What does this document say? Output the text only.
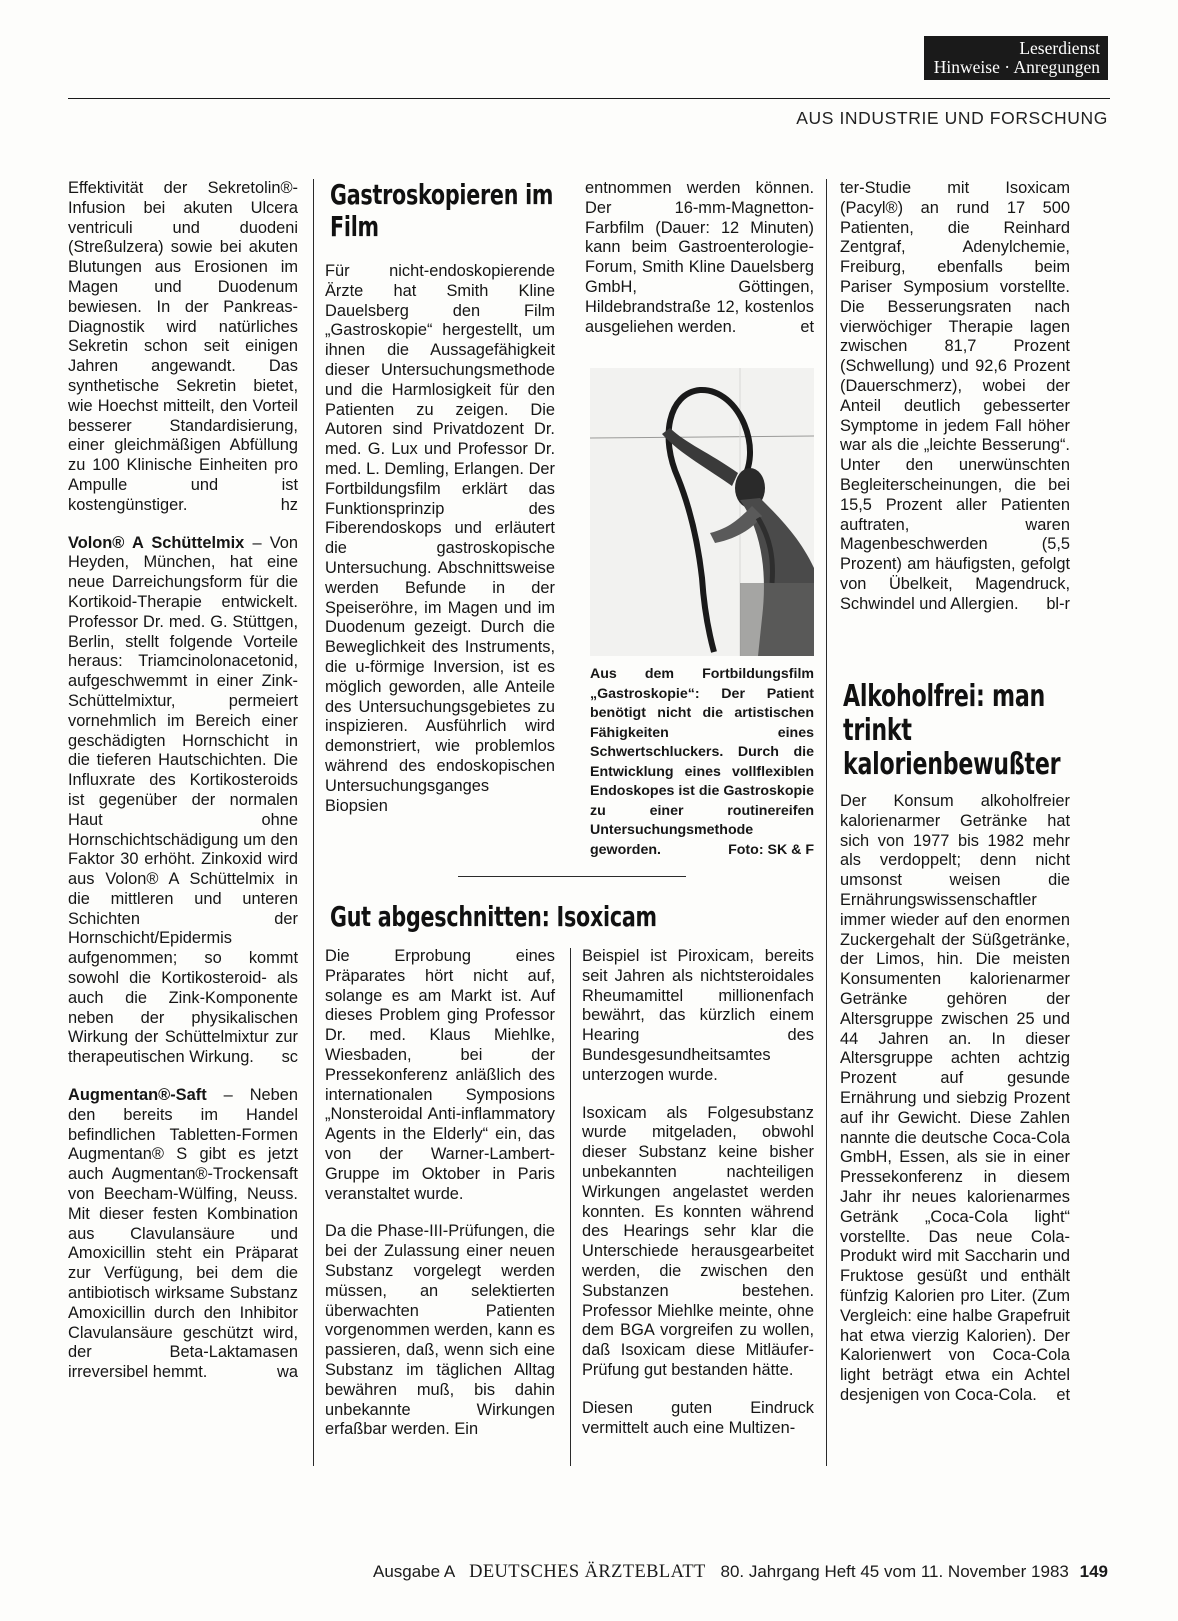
Leserdienst
Hinweise · Anregungen
AUS INDUSTRIE UND FORSCHUNG

Effektivität der Sekretolin®-Infusion bei akuten Ulcera ventriculi und duodeni (Streßulzera) sowie bei akuten Blutungen aus Erosionen im Magen und Duodenum bewiesen. In der Pankreas-Diagnostik wird natürliches Sekretin schon seit einigen Jahren angewandt. Das synthetische Sekretin bietet, wie Hoechst mitteilt, den Vorteil besserer Standardisierung, einer gleichmäßigen Abfüllung zu 100 Klinische Einheiten pro Ampulle und ist kostengünstiger.	hz

Volon® A Schüttelmix – Von Heyden, München, hat eine neue Darreichungsform für die Kortikoid-Therapie entwickelt. Professor Dr. med. G. Stüttgen, Berlin, stellt folgende Vorteile heraus: Triamcinolonacetonid, aufgeschwemmt in einer Zink-Schüttelmixtur, permeiert vornehmlich im Bereich einer geschädigten Hornschicht in die tieferen Hautschichten. Die Influxrate des Kortikosteroids ist gegenüber der normalen Haut ohne Hornschichtschädigung um den Faktor 30 erhöht. Zinkoxid wird aus Volon® A Schüttelmix in die mittleren und unteren Schichten der Hornschicht/Epidermis aufgenommen; so kommt sowohl die Kortikosteroid- als auch die Zink-Komponente neben der physikalischen Wirkung der Schüttelmixtur zur therapeutischen Wirkung. sc

Augmentan®-Saft – Neben den bereits im Handel befindlichen Tabletten-Formen Augmentan® S gibt es jetzt auch Augmentan®-Trockensaft von Beecham-Wülfing, Neuss. Mit dieser festen Kombination aus Clavulansäure und Amoxicillin steht ein Präparat zur Verfügung, bei dem die antibiotisch wirksame Substanz Amoxicillin durch den Inhibitor Clavulansäure geschützt wird, der Beta-Laktamasen irreversibel hemmt.	wa

Gastroskopieren im Film

Für nicht-endoskopierende Ärzte hat Smith Kline Dauelsberg den Film „Gastroskopie“ hergestellt, um ihnen die Aussagefähigkeit dieser Untersuchungsmethode und die Harmlosigkeit für den Patienten zu zeigen. Die Autoren sind Privatdozent Dr. med. G. Lux und Professor Dr. med. L. Demling, Erlangen. Der Fortbildungsfilm erklärt das Funktionsprinzip des Fiberendoskops und erläutert die gastroskopische Untersuchung. Abschnittsweise werden Befunde in der Speiseröhre, im Magen und im Duodenum gezeigt. Durch die Beweglichkeit des Instruments, die u-förmige Inversion, ist es möglich geworden, alle Anteile des Untersuchungsgebietes zu inspizieren. Ausführlich wird demonstriert, wie problemlos während des endoskopischen Untersuchungsganges Biopsien

entnommen werden können. Der 16-mm-Magnetton-Farbfilm (Dauer: 12 Minuten) kann beim Gastroenterologie-Forum, Smith Kline Dauelsberg GmbH, Göttingen, Hildebrandstraße 12, kostenlos ausgeliehen werden.	et

Aus dem Fortbildungsfilm „Gastroskopie“: Der Patient benötigt nicht die artistischen Fähigkeiten eines Schwertschluckers. Durch die Entwicklung eines vollflexiblen Endoskopes ist die Gastroskopie zu einer routinereifen Untersuchungsmethode geworden.	Foto: SK & F
Gut abgeschnitten: Isoxicam

Die Erprobung eines Präparates hört nicht auf, solange es am Markt ist. Auf dieses Problem ging Professor Dr. med. Klaus Miehlke, Wiesbaden, bei der Pressekonferenz anläßlich des internationalen Symposions „Nonsteroidal Anti-inflammatory Agents in the Elderly“ ein, das von der Warner-Lambert-Gruppe im Oktober in Paris veranstaltet wurde.

Da die Phase-III-Prüfungen, die bei der Zulassung einer neuen Substanz vorgelegt werden müssen, an selektierten überwachten Patienten vorgenommen werden, kann es passieren, daß, wenn sich eine Substanz im täglichen Alltag bewähren muß, bis dahin unbekannte Wirkungen erfaßbar werden. Ein

Beispiel ist Piroxicam, bereits seit Jahren als nichtsteroidales Rheumamittel millionenfach bewährt, das kürzlich einem Hearing des Bundesgesundheitsamtes unterzogen wurde.

Isoxicam als Folgesubstanz wurde mitgeladen, obwohl dieser Substanz keine bisher unbekannten nachteiligen Wirkungen angelastet werden konnten. Es konnten während des Hearings sehr klar die Unterschiede herausgearbeitet werden, die zwischen den Substanzen bestehen. Professor Miehlke meinte, ohne dem BGA vorgreifen zu wollen, daß Isoxicam diese Mitläufer-Prüfung gut bestanden hätte.

Diesen guten Eindruck vermittelt auch eine Multizen-

ter-Studie mit Isoxicam (Pacyl®) an rund 17 500 Patienten, die Reinhard Zentgraf, Adenylchemie, Freiburg, ebenfalls beim Pariser Symposium vorstellte. Die Besserungsraten nach vierwöchiger Therapie lagen zwischen 81,7 Prozent (Schwellung) und 92,6 Prozent (Dauerschmerz), wobei der Anteil deutlich gebesserter Symptome in jedem Fall höher war als die „leichte Besserung“. Unter den unerwünschten Begleiterscheinungen, die bei 15,5 Prozent aller Patienten auftraten, waren Magenbeschwerden (5,5 Prozent) am häufigsten, gefolgt von Übelkeit, Magendruck, Schwindel und Allergien. bl-r

Alkoholfrei: man trinkt kalorienbewußter

Der Konsum alkoholfreier kalorienarmer Getränke hat sich von 1977 bis 1982 mehr als verdoppelt; denn nicht umsonst weisen die Ernährungswissenschaftler immer wieder auf den enormen Zuckergehalt der Süßgetränke, der Limos, hin. Die meisten Konsumenten kalorienarmer Getränke gehören der Altersgruppe zwischen 25 und 44 Jahren an. In dieser Altersgruppe achten achtzig Prozent auf gesunde Ernährung und siebzig Prozent auf ihr Gewicht. Diese Zahlen nannte die deutsche Coca-Cola GmbH, Essen, als sie in einer Pressekonferenz in diesem Jahr ihr neues kalorienarmes Getränk „Coca-Cola light“ vorstellte. Das neue Cola-Produkt wird mit Saccharin und Fruktose gesüßt und enthält fünfzig Kalorien pro Liter. (Zum Vergleich: eine halbe Grapefruit hat etwa vierzig Kalorien). Der Kalorienwert von Coca-Cola light beträgt etwa ein Achtel desjenigen von Coca-Cola. et

Ausgabe A DEUTSCHES ÄRZTEBLATT 80. Jahrgang Heft 45 vom 11. November 1983 149
